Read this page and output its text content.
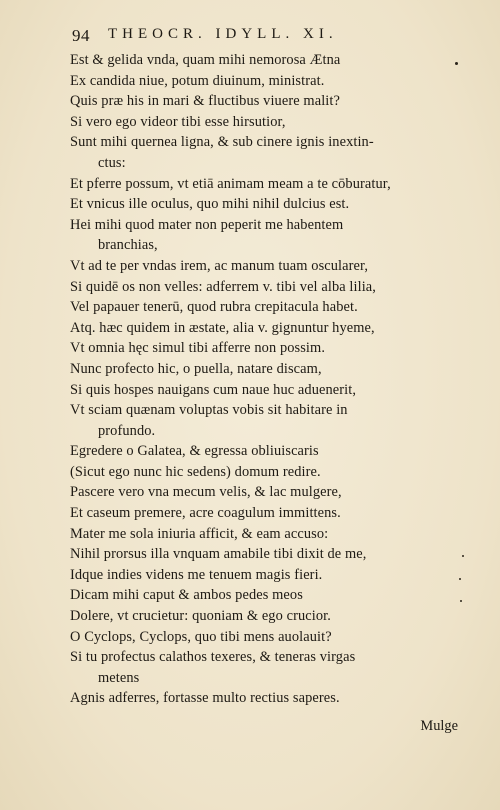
94 THEOCR. IDYLL. XI.
Est & gelida vnda, quam mihi nemorosa Ætna
Ex candida niue, potum diuinum, ministrat.
Quis præ his in mari & fluctibus viuere malit?
Si vero ego videor tibi esse hirsutior,
Sunt mihi quernea ligna, & sub cinere ignis inextin-
ctus:
Et pferre possum, vt etiā animam meam a te cōburatur,
Et vnicus ille oculus, quo mihi nihil dulcius est.
Hei mihi quod mater non peperit me habentem
branchias,
Vt ad te per vndas irem, ac manum tuam oscularer,
Si quidē os non velles: adferrem v. tibi vel alba lilia,
Vel papauer tenerū, quod rubra crepitacula habet.
Atq. hæc quidem in æstate, alia v. gignuntur hyeme,
Vt omnia hęc simul tibi afferre non possim.
Nunc profecto hic, o puella, natare discam,
Si quis hospes nauigans cum naue huc aduenerit,
Vt sciam quænam voluptas vobis sit habitare in
profundo.
Egredere o Galatea, & egressa obliuiscaris
(Sicut ego nunc hic sedens) domum redire.
Pascere vero vna mecum velis, & lac mulgere,
Et caseum premere, acre coagulum immittens.
Mater me sola iniuria afficit, & eam accuso:
Nihil prorsus illa vnquam amabile tibi dixit de me,
Idque indies videns me tenuem magis fieri.
Dicam mihi caput & ambos pedes meos
Dolere, vt crucietur: quoniam & ego crucior.
O Cyclops, Cyclops, quo tibi mens auolauit?
Si tu profectus calathos texeres, & teneras virgas
metens
Agnis adferres, fortasse multo rectius saperes.
Mulge
